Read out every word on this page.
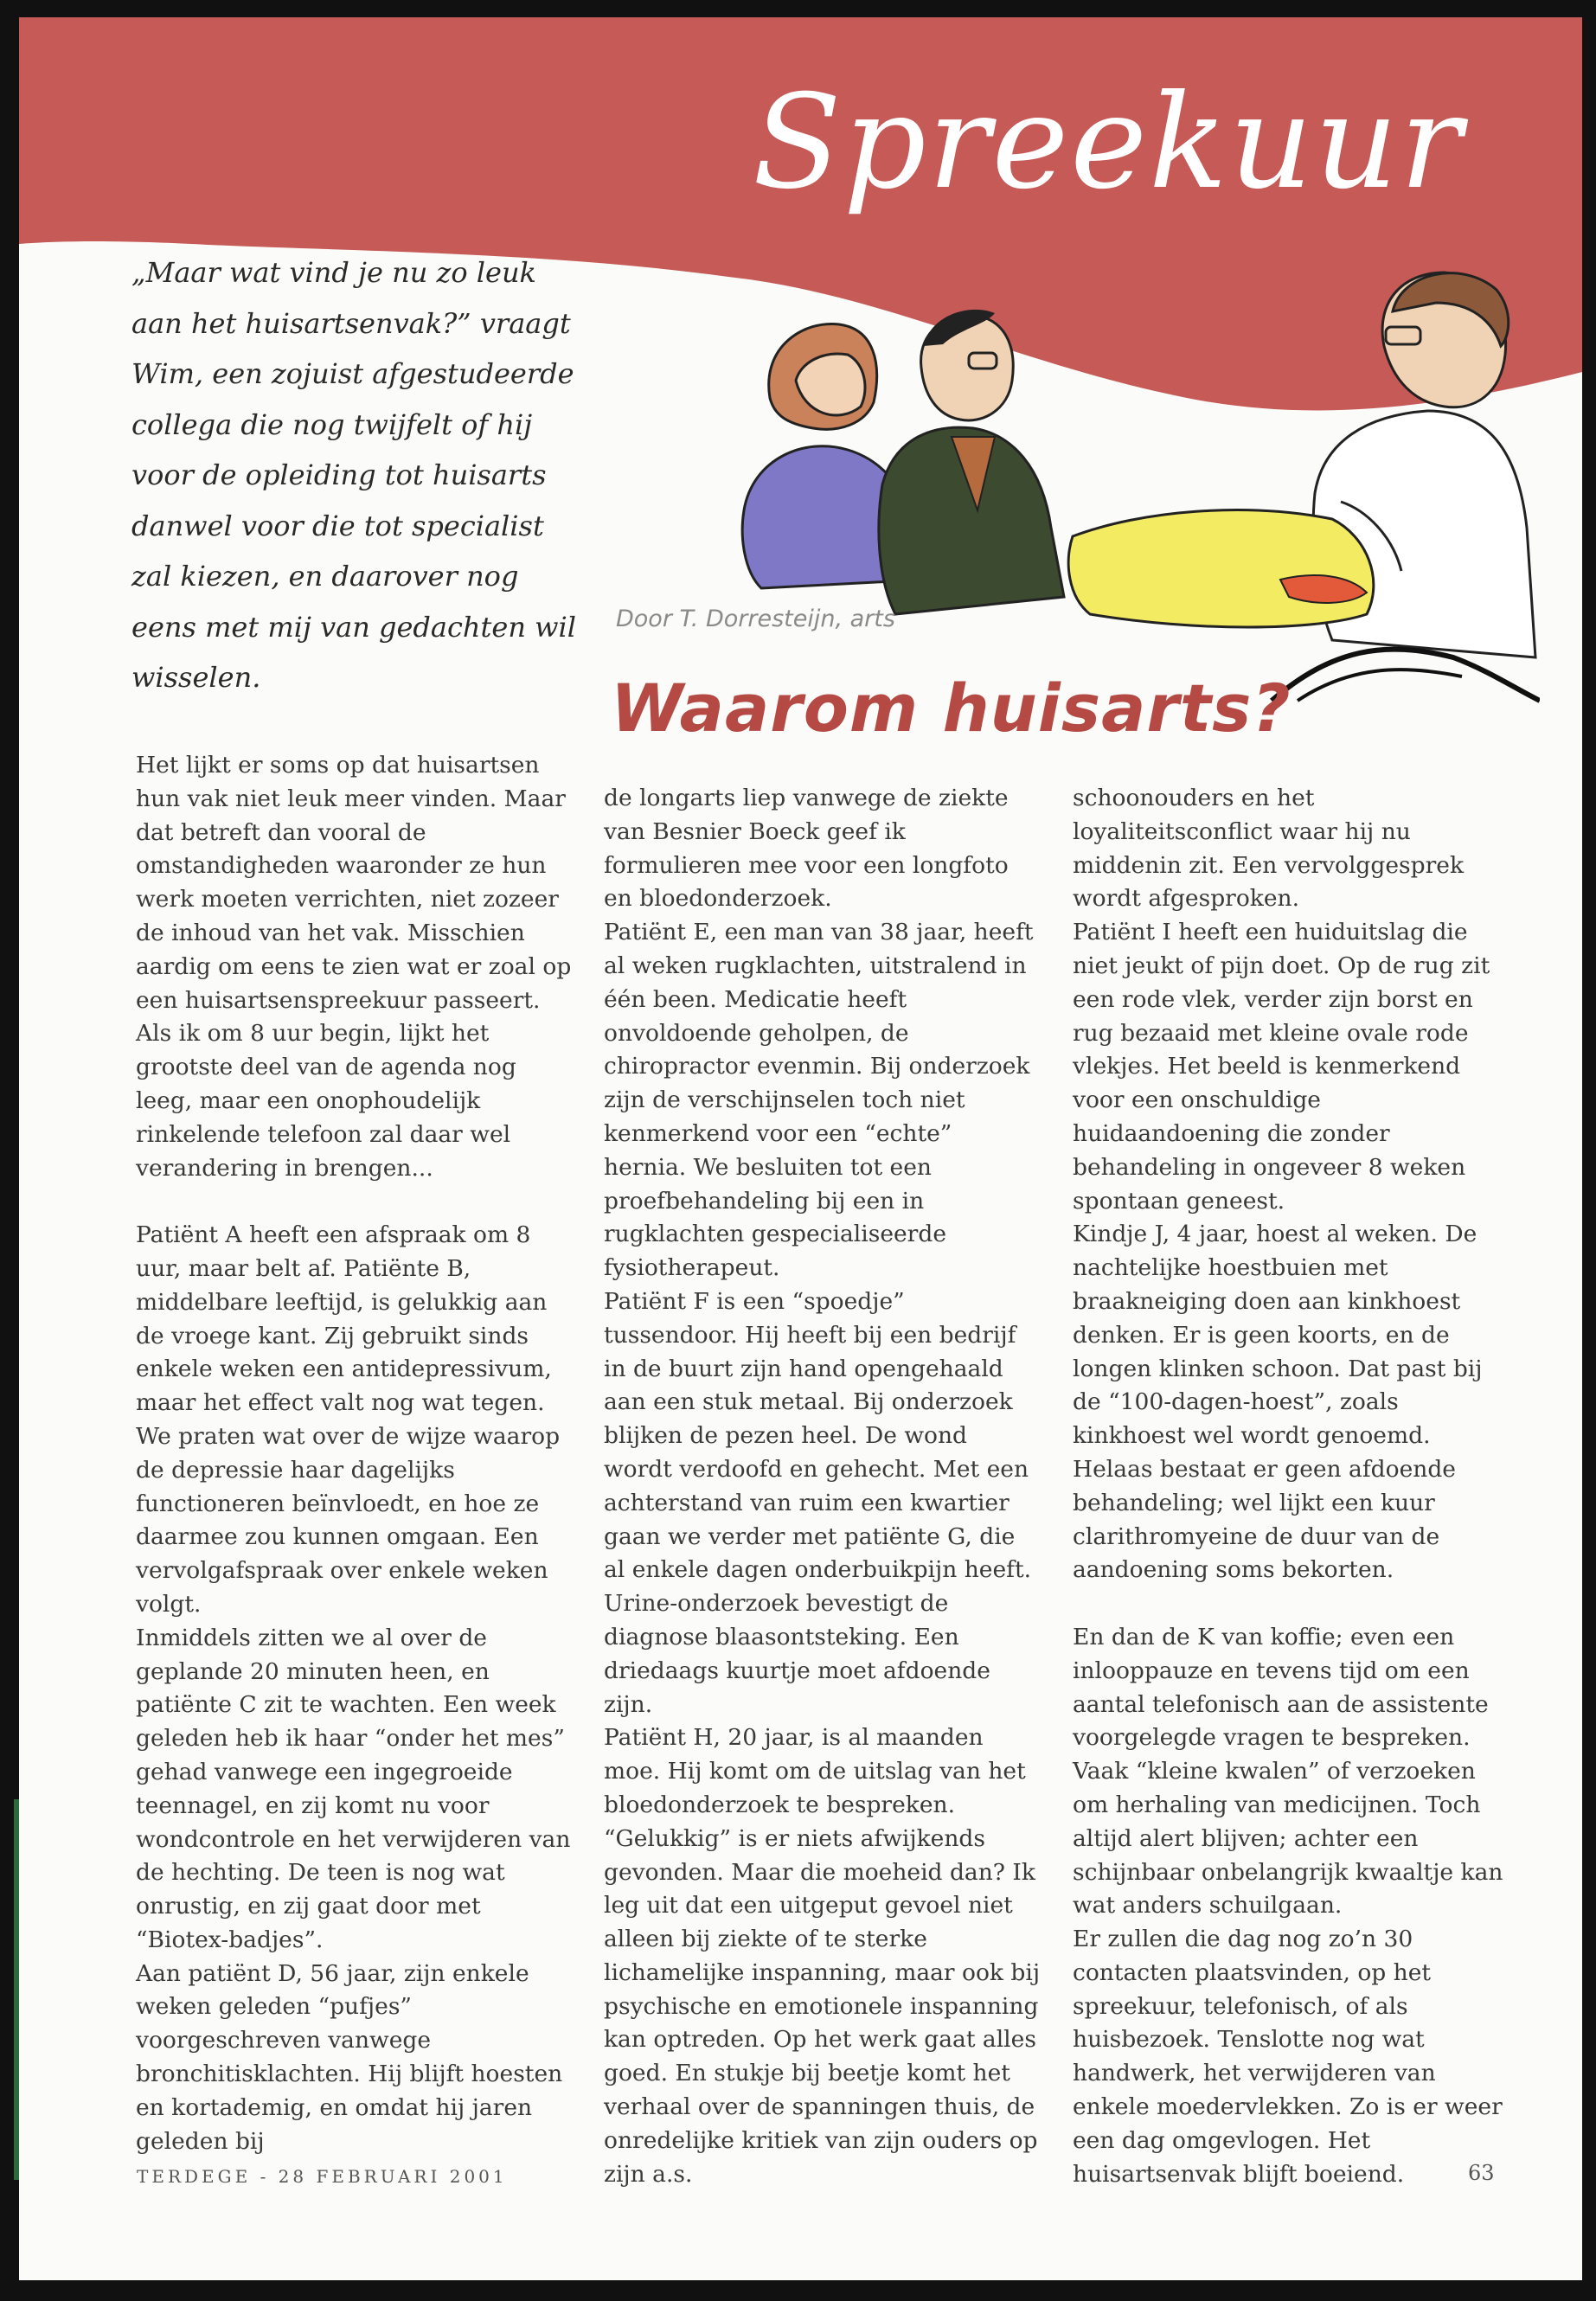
Spreekuur
„Maar wat vind je nu zo leuk aan het huisartsenvak?” vraagt Wim, een zojuist afgestudeerde collega die nog twijfelt of hij voor de opleiding tot huisarts danwel voor die tot specialist zal kiezen, en daarover nog eens met mij van gedachten wil wisselen.
Door T. Dorresteijn, arts
Waarom huisarts?

Het lijkt er soms op dat huisartsen hun vak niet leuk meer vinden. Maar dat betreft dan vooral de omstandigheden waaronder ze hun werk moeten verrichten, niet zozeer de inhoud van het vak. Misschien aardig om eens te zien wat er zoal op een huisartsenspreekuur passeert. Als ik om 8 uur begin, lijkt het grootste deel van de agenda nog leeg, maar een onophoudelijk rinkelende telefoon zal daar wel verandering in brengen...

Patiënt A heeft een afspraak om 8 uur, maar belt af. Patiënte B, middelbare leeftijd, is gelukkig aan de vroege kant. Zij gebruikt sinds enkele weken een antidepressivum, maar het effect valt nog wat tegen. We praten wat over de wijze waarop de depressie haar dagelijks functioneren beïnvloedt, en hoe ze daarmee zou kunnen omgaan. Een vervolgafspraak over enkele weken volgt.

Inmiddels zitten we al over de geplande 20 minuten heen, en patiënte C zit te wachten. Een week geleden heb ik haar “onder het mes” gehad vanwege een ingegroeide teennagel, en zij komt nu voor wondcontrole en het verwijderen van de hechting. De teen is nog wat onrustig, en zij gaat door met “Biotex-badjes”.

Aan patiënt D, 56 jaar, zijn enkele weken geleden “pufjes” voorgeschreven vanwege bronchitisklachten. Hij blijft hoesten en kortademig, en omdat hij jaren geleden bij

de longarts liep vanwege de ziekte van Besnier Boeck geef ik formulieren mee voor een longfoto en bloedonderzoek.

Patiënt E, een man van 38 jaar, heeft al weken rugklachten, uitstralend in één been. Medicatie heeft onvoldoende geholpen, de chiropractor evenmin. Bij onderzoek zijn de verschijnselen toch niet kenmerkend voor een “echte” hernia. We besluiten tot een proefbehandeling bij een in rugklachten gespecialiseerde fysiotherapeut.

Patiënt F is een “spoedje” tussendoor. Hij heeft bij een bedrijf in de buurt zijn hand opengehaald aan een stuk metaal. Bij onderzoek blijken de pezen heel. De wond wordt verdoofd en gehecht. Met een achterstand van ruim een kwartier gaan we verder met patiënte G, die al enkele dagen onderbuikpijn heeft. Urine-onderzoek bevestigt de diagnose blaasontsteking. Een driedaags kuurtje moet afdoende zijn.

Patiënt H, 20 jaar, is al maanden moe. Hij komt om de uitslag van het bloedonderzoek te bespreken. “Gelukkig” is er niets afwijkends gevonden. Maar die moeheid dan? Ik leg uit dat een uitgeput gevoel niet alleen bij ziekte of te sterke lichamelijke inspanning, maar ook bij psychische en emotionele inspanning kan optreden. Op het werk gaat alles goed. En stukje bij beetje komt het verhaal over de spanningen thuis, de onredelijke kritiek van zijn ouders op zijn a.s.

schoonouders en het loyaliteitsconflict waar hij nu middenin zit. Een vervolggesprek wordt afgesproken.

Patiënt I heeft een huiduitslag die niet jeukt of pijn doet. Op de rug zit een rode vlek, verder zijn borst en rug bezaaid met kleine ovale rode vlekjes. Het beeld is kenmerkend voor een onschuldige huidaandoening die zonder behandeling in ongeveer 8 weken spontaan geneest.

Kindje J, 4 jaar, hoest al weken. De nachtelijke hoestbuien met braakneiging doen aan kinkhoest denken. Er is geen koorts, en de longen klinken schoon. Dat past bij de “100-dagen-hoest”, zoals kinkhoest wel wordt genoemd. Helaas bestaat er geen afdoende behandeling; wel lijkt een kuur clarithromyeine de duur van de aandoening soms bekorten.

En dan de K van koffie; even een inlooppauze en tevens tijd om een aantal telefonisch aan de assistente voorgelegde vragen te bespreken. Vaak “kleine kwalen” of verzoeken om herhaling van medicijnen. Toch altijd alert blijven; achter een schijnbaar onbelangrijk kwaaltje kan wat anders schuilgaan.

Er zullen die dag nog zo’n 30 contacten plaatsvinden, op het spreekuur, telefonisch, of als huisbezoek. Tenslotte nog wat handwerk, het verwijderen van enkele moedervlekken. Zo is er weer een dag omgevlogen. Het huisartsenvak blijft boeiend.

TERDEGE - 28 FEBRUARI 2001	63
